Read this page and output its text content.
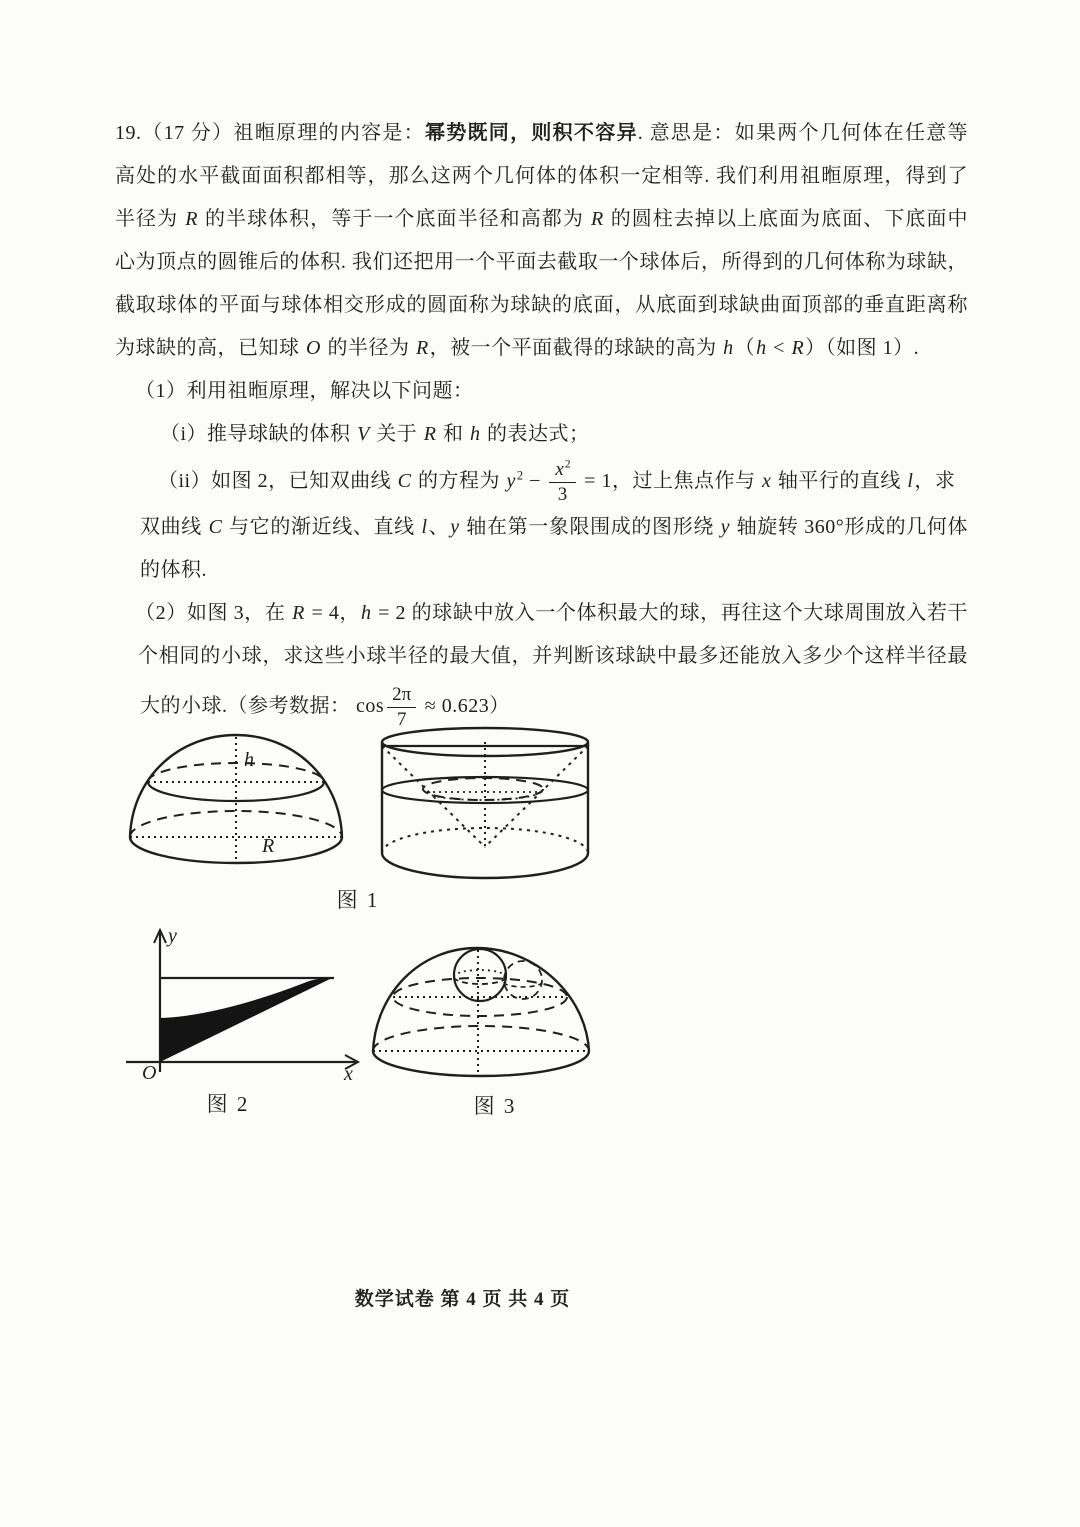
19.（17 分）祖暅原理的内容是：幂势既同，则积不容异. 意思是：如果两个几何体在任意等
高处的水平截面面积都相等，那么这两个几何体的体积一定相等. 我们利用祖暅原理，得到了
半径为 R 的半球体积，等于一个底面半径和高都为 R 的圆柱去掉以上底面为底面、下底面中
心为顶点的圆锥后的体积. 我们还把用一个平面去截取一个球体后，所得到的几何体称为球缺，
截取球体的平面与球体相交形成的圆面称为球缺的底面，从底面到球缺曲面顶部的垂直距离称
为球缺的高，已知球 O 的半径为 R，被一个平面截得的球缺的高为 h（h < R）（如图 1）.
（1）利用祖暅原理，解决以下问题：
（i）推导球缺的体积 V 关于 R 和 h 的表达式；
（ii）如图 2，已知双曲线 C 的方程为 $y^2 - \frac{x^2}{3} = 1$，过上焦点作与 x 轴平行的直线 l，求
双曲线 C 与它的渐近线、直线 l、y 轴在第一象限围成的图形绕 y 轴旋转 360°形成的几何体
的体积.
（2）如图 3，在 R = 4，h = 2 的球缺中放入一个体积最大的球，再往这个大球周围放入若干
个相同的小球，求这些小球半径的最大值，并判断该球缺中最多还能放入多少个这样半径最
大的小球.（参考数据： $\cos \frac{2\pi}{7} \approx 0.623$）
h
R
图 1
y
x
O
图 2	图 3
数学试卷 第 4 页 共 4 页
